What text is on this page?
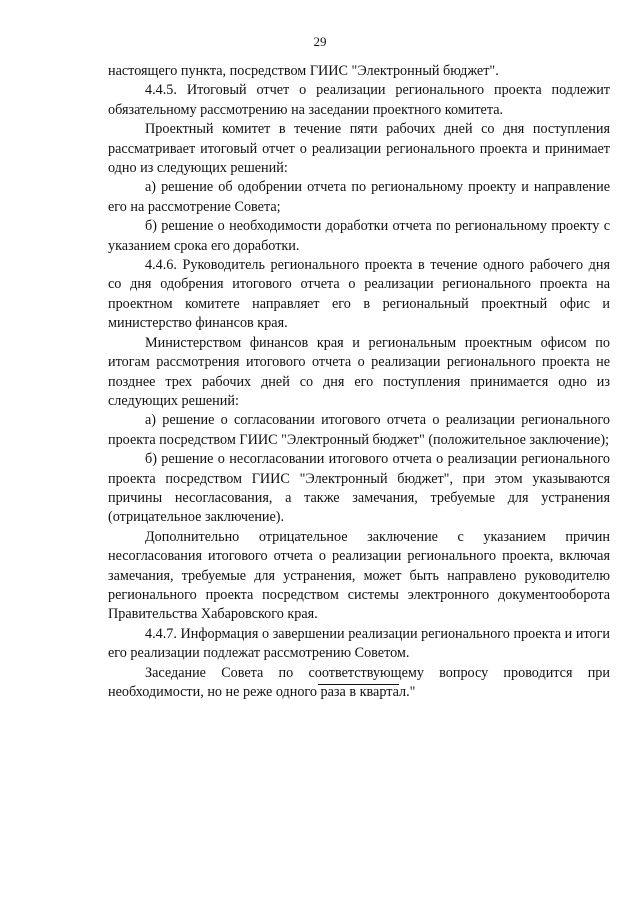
29

настоящего пункта, посредством ГИИС "Электронный бюджет".

4.4.5. Итоговый отчет о реализации регионального проекта подлежит обязательному рассмотрению на заседании проектного комитета.

Проектный комитет в течение пяти рабочих дней со дня поступления рассматривает итоговый отчет о реализации регионального проекта и принимает одно из следующих решений:

а) решение об одобрении отчета по региональному проекту и направление его на рассмотрение Совета;

б) решение о необходимости доработки отчета по региональному проекту с указанием срока его доработки.

4.4.6. Руководитель регионального проекта в течение одного рабочего дня со дня одобрения итогового отчета о реализации регионального проекта на проектном комитете направляет его в региональный проектный офис и министерство финансов края.

Министерством финансов края и региональным проектным офисом по итогам рассмотрения итогового отчета о реализации регионального проекта не позднее трех рабочих дней со дня его поступления принимается одно из следующих решений:

а) решение о согласовании итогового отчета о реализации регионального проекта посредством ГИИС "Электронный бюджет" (положительное заключение);

б) решение о несогласовании итогового отчета о реализации регионального проекта посредством ГИИС "Электронный бюджет", при этом указываются причины несогласования, а также замечания, требуемые для устранения (отрицательное заключение).

Дополнительно отрицательное заключение с указанием причин несогласования итогового отчета о реализации регионального проекта, включая замечания, требуемые для устранения, может быть направлено руководителю регионального проекта посредством системы электронного документооборота Правительства Хабаровского края.

4.4.7. Информация о завершении реализации регионального проекта и итоги его реализации подлежат рассмотрению Советом.

Заседание Совета по соответствующему вопросу проводится при необходимости, но не реже одного раза в квартал."
